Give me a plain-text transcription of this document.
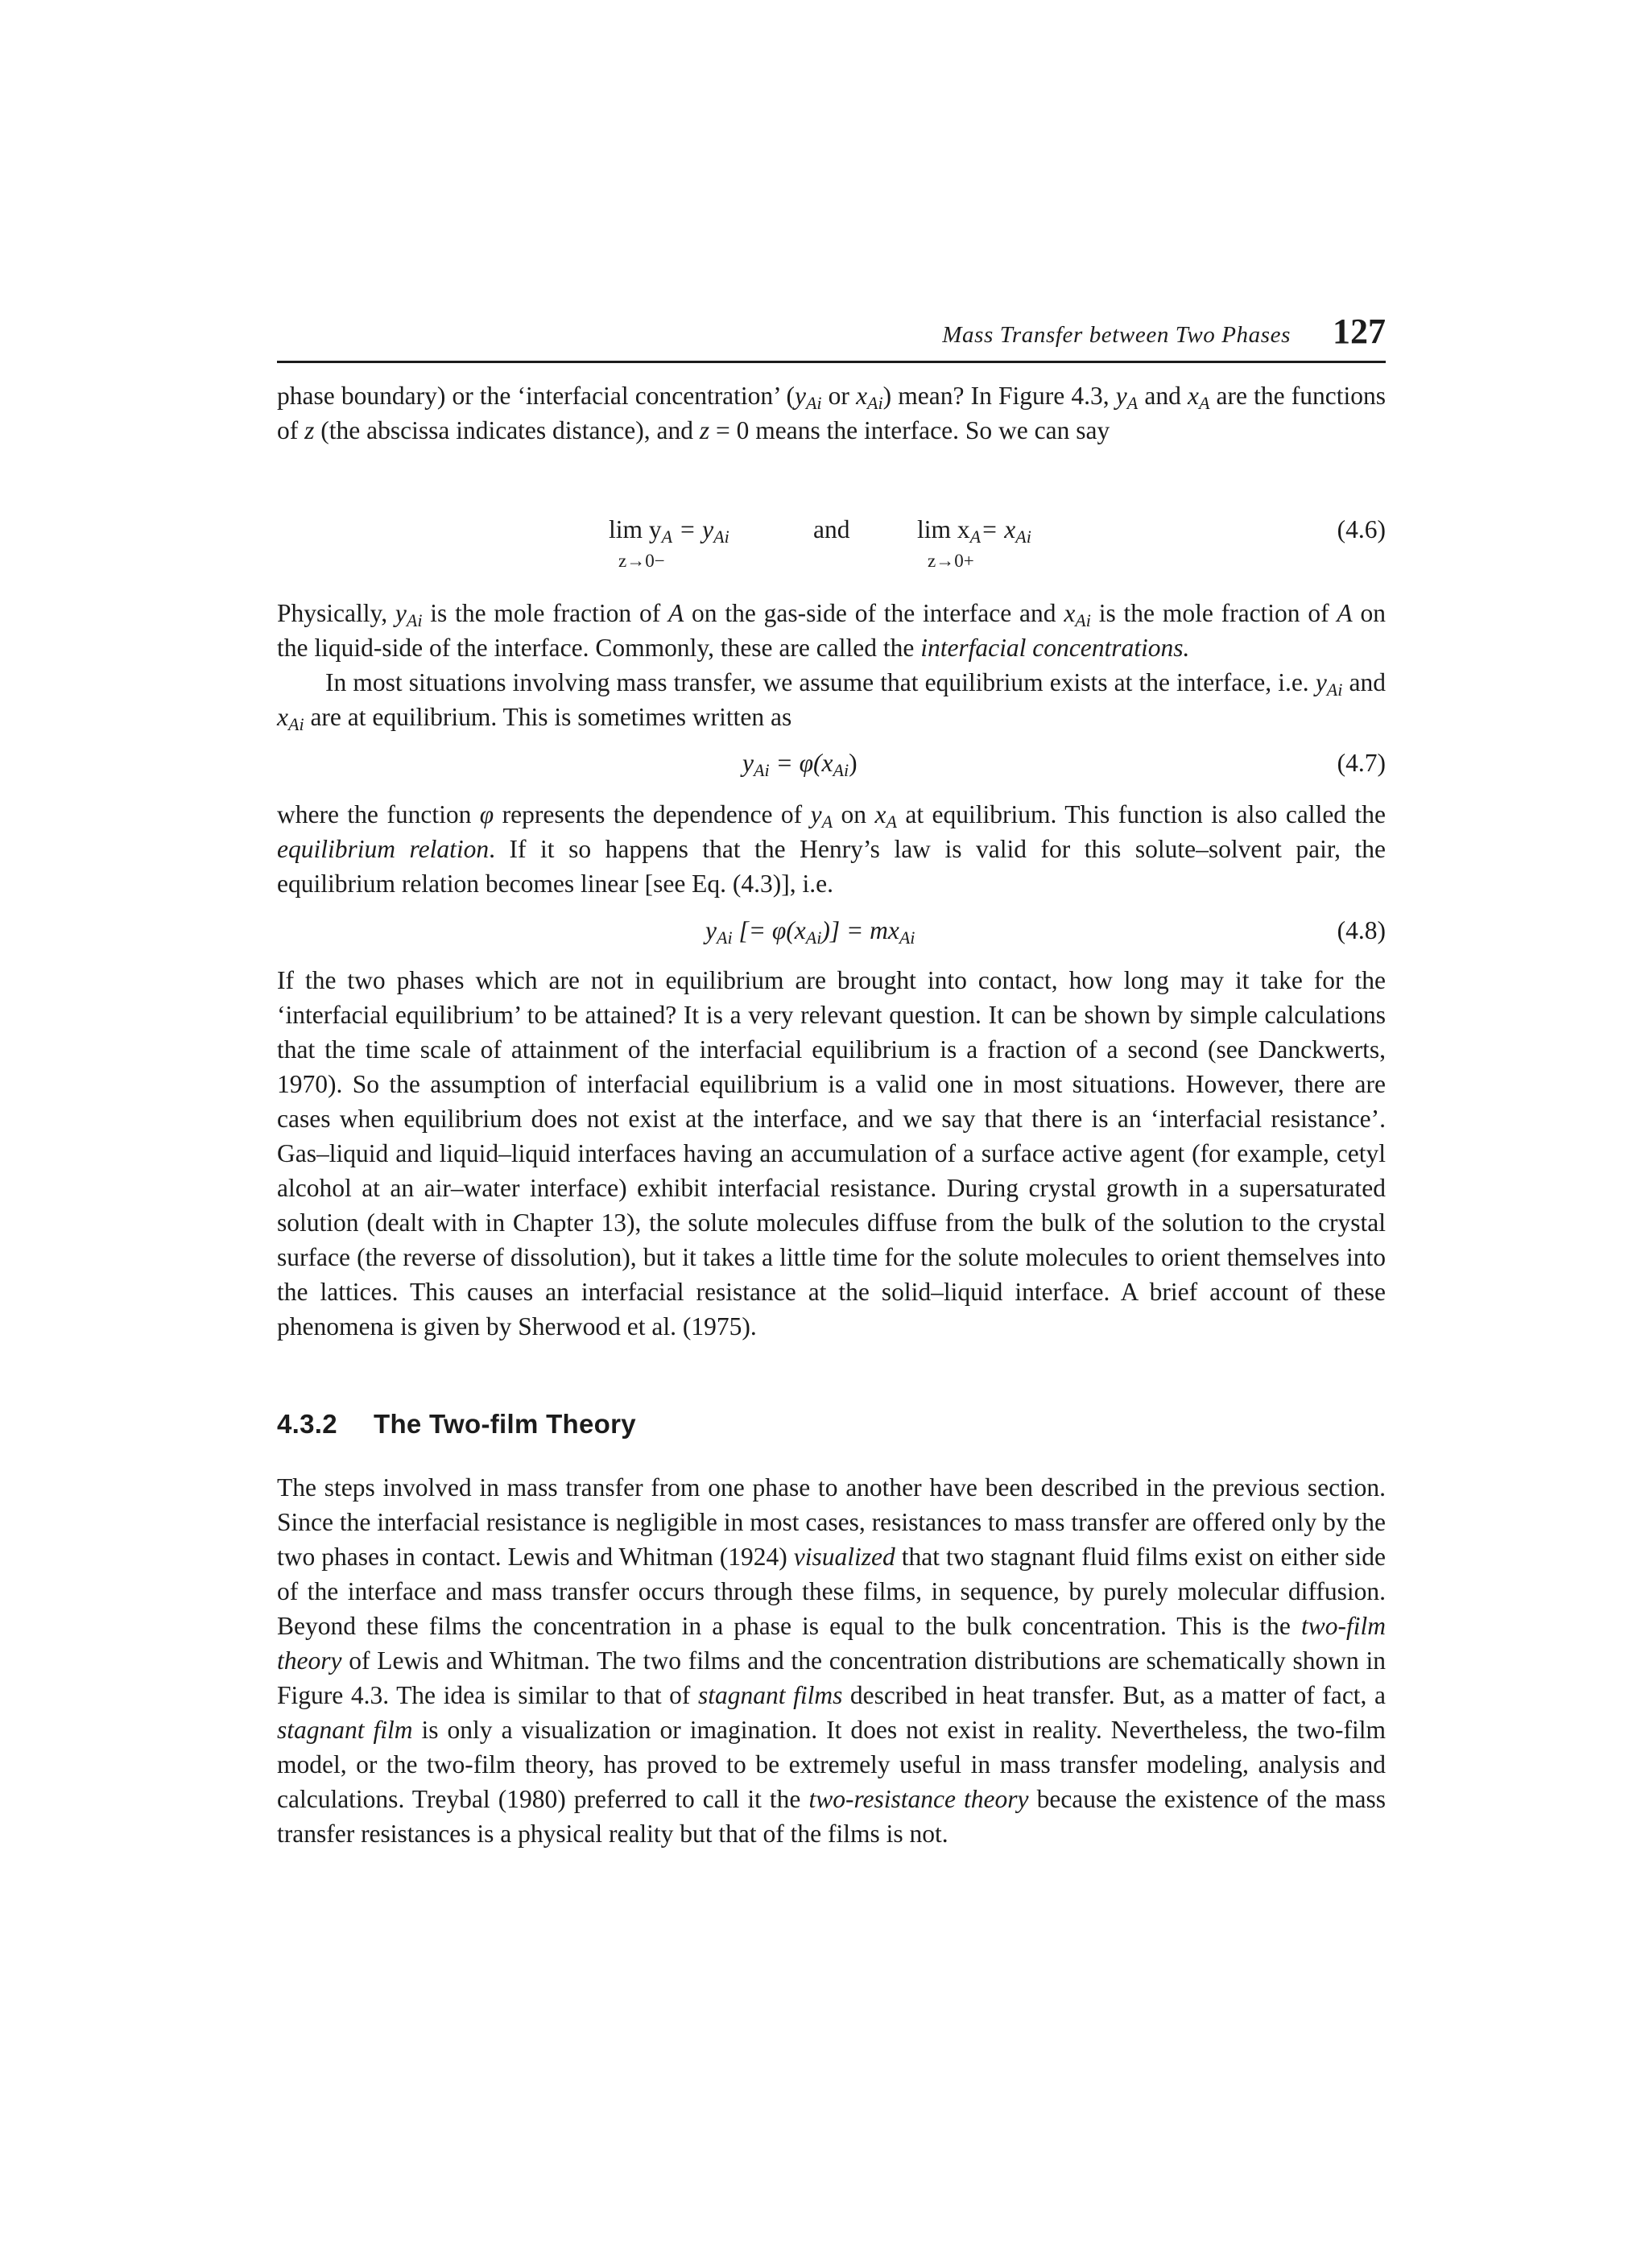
Mass Transfer between Two Phases 127

phase boundary) or the ‘interfacial concentration’ ($y_{Ai}$ or $x_{Ai}$) mean? In Figure 4.3, $y_A$ and $x_A$ are the functions of z (the abscissa indicates distance), and z = 0 means the interface. So we can say

$\lim y_A = y_{Ai}$
z→0−
and	$\lim x_A= x_{Ai}$
z→0+
(4.6)

Physically, $y_{Ai}$ is the mole fraction of A on the gas-side of the interface and $x_{Ai}$ is the mole fraction of A on the liquid-side of the interface. Commonly, these are called the interfacial concentrations.

In most situations involving mass transfer, we assume that equilibrium exists at the interface, i.e. $y_{Ai}$ and $x_{Ai}$ are at equilibrium. This is sometimes written as

$y_{Ai} = \varphi(x_{Ai})$	(4.7)

where the function φ represents the dependence of $y_A$ on $x_A$ at equilibrium. This function is also called the equilibrium relation. If it so happens that the Henry’s law is valid for this solute–solvent pair, the equilibrium relation becomes linear [see Eq. (4.3)], i.e.

$y_{Ai}$ [= $\varphi(x_{Ai})] = mx_{Ai}$	(4.8)

If the two phases which are not in equilibrium are brought into contact, how long may it take for the ‘interfacial equilibrium’ to be attained? It is a very relevant question. It can be shown by simple calculations that the time scale of attainment of the interfacial equilibrium is a fraction of a second (see Danckwerts, 1970). So the assumption of interfacial equilibrium is a valid one in most situations. However, there are cases when equilibrium does not exist at the interface, and we say that there is an ‘interfacial resistance’. Gas–liquid and liquid–liquid interfaces having an accumulation of a surface active agent (for example, cetyl alcohol at an air–water interface) exhibit interfacial resistance. During crystal growth in a supersaturated solution (dealt with in Chapter 13), the solute molecules diffuse from the bulk of the solution to the crystal surface (the reverse of dissolution), but it takes a little time for the solute molecules to orient themselves into the lattices. This causes an interfacial resistance at the solid–liquid interface. A brief account of these phenomena is given by Sherwood et al. (1975).

4.3.2 The Two-film Theory

The steps involved in mass transfer from one phase to another have been described in the previous section. Since the interfacial resistance is negligible in most cases, resistances to mass transfer are offered only by the two phases in contact. Lewis and Whitman (1924) visualized that two stagnant fluid films exist on either side of the interface and mass transfer occurs through these films, in sequence, by purely molecular diffusion. Beyond these films the concentration in a phase is equal to the bulk concentration. This is the two-film theory of Lewis and Whitman. The two films and the concentration distributions are schematically shown in Figure 4.3. The idea is similar to that of stagnant films described in heat transfer. But, as a matter of fact, a stagnant film is only a visualization or imagination. It does not exist in reality. Nevertheless, the two-film model, or the two-film theory, has proved to be extremely useful in mass transfer modeling, analysis and calculations. Treybal (1980) preferred to call it the two-resistance theory because the existence of the mass transfer resistances is a physical reality but that of the films is not.
